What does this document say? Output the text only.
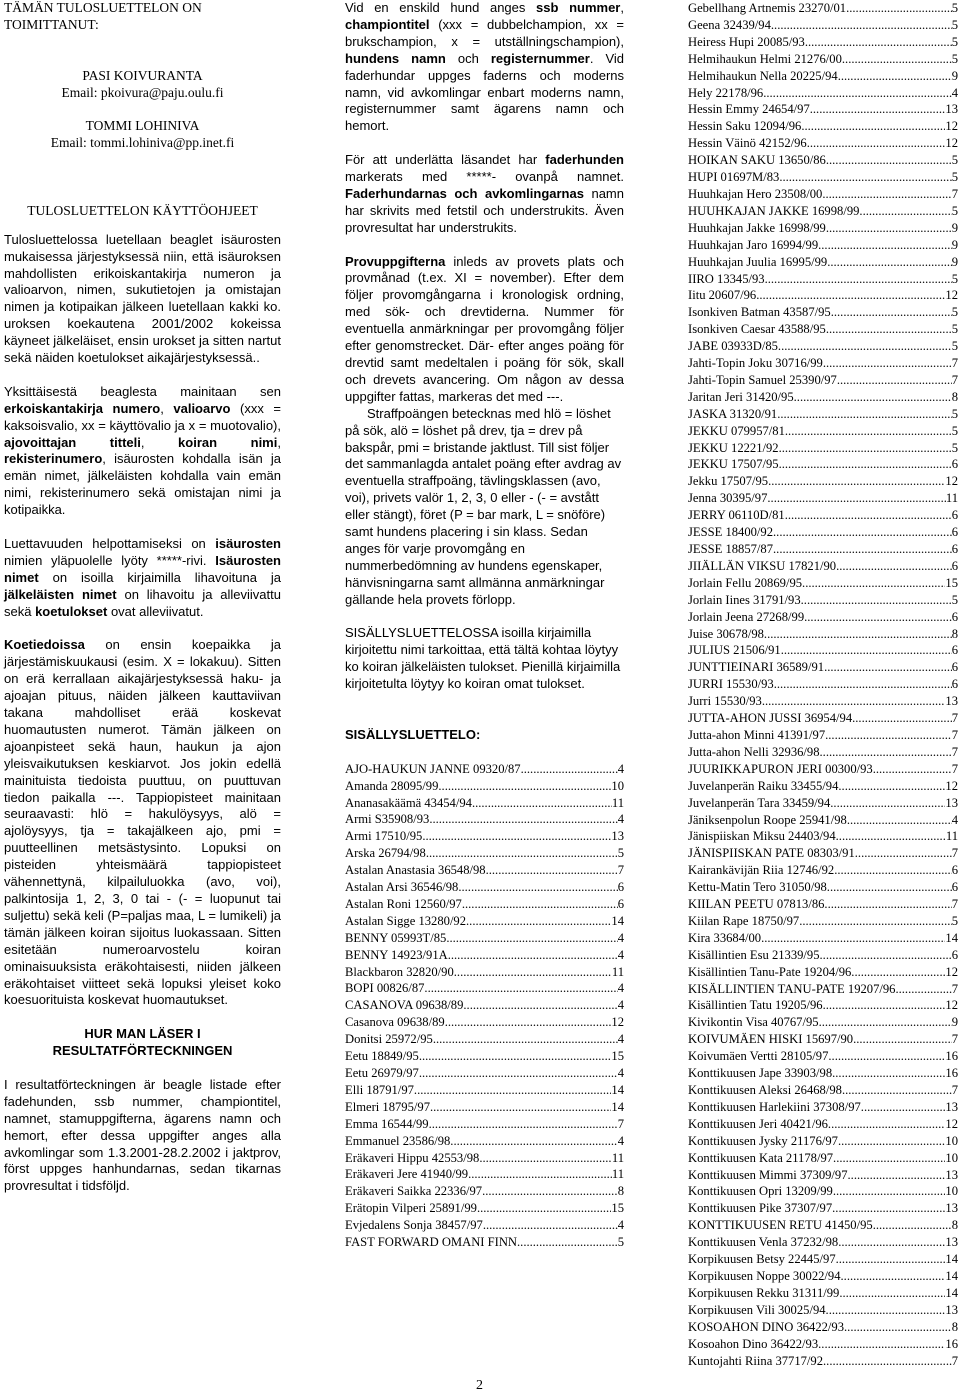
TÄMÄN TULOSLUETTELON ON TOIMITTANUT:

PASI KOIVURANTA

Email: pkoivura@paju.oulu.fi

TOMMI LOHINIVA

Email: tommi.lohiniva@pp.inet.fi

TULOSLUETTELON KÄYTTÖOHJEET

Tulosluettelossa luetellaan beaglet isäurosten mukaisessa järjestyksessä niin, että isäuroksen mahdollisten erikoiskantakirja numeron ja valioarvon, nimen, sukutietojen ja omistajan nimen ja kotipaikan jälkeen luetellaan kakki ko. uroksen koekautena 2001/2002 kokeissa käyneet jälkeläiset, ensin urokset ja sitten nartut sekä näiden koetulokset aikajärjestyksessä..

Yksittäisestä beaglesta mainitaan sen erkoiskantakirja numero, valioarvo (xxx = kaksoisvalio, xx = käyttövalio ja x = muotovalio), ajovoittajan titteli, koiran nimi, rekisterinumero, isäurosten kohdalla isän ja emän nimet, jälkeläisten kohdalla vain emän nimi, rekisterinumero sekä omistajan nimi ja kotipaikka.

Luettavuuden helpottamiseksi on isäurosten nimien yläpuolelle lyöty *****-rivi. Isäurosten nimet on isoilla kirjaimilla lihavoituna ja jälkeläisten nimet on lihavoitu ja alleviivattu sekä koetulokset ovat alleviivatut.

Koetiedoissa on ensin koepaikka ja järjestämiskuukausi (esim. X = lokakuu). Sitten on erä kerrallaan aikajärjestyksessä haku- ja ajoajan pituus, näiden jälkeen kauttaviivan takana mahdolliset erää koskevat huomautusten numerot. Tämän jälkeen on ajoanpisteet sekä haun, haukun ja ajon yleisvaikutuksen keskiarvot. Jos jokin edellä mainituista tiedoista puuttuu, on puuttuvan tiedon paikalla ---. Tappiopisteet mainitaan seuraavasti: hlö = hakulöysyys, alö = ajolöysyys, tja = takajälkeen ajo, pmi = puutteellinen metsästysinto. Lopuksi on pisteiden yhteismäärä tappiopisteet vähennettynä, kilpailuluokka (avo, voi), palkintosija 1, 2, 3, 0 tai - (- = luopunut tai suljettu) sekä keli (P=paljas maa, L = lumikeli) ja tämän jälkeen koiran sijoitus luokassaan. Sitten esitetään numeroarvostelu koiran ominaisuuksista eräkohtaisesti, niiden jälkeen eräkohtaiset viitteet sekä lopuksi yleiset koko koesuorituista koskevat huomautukset.

HUR MAN LÄSER I

RESULTATFÖRTECKNINGEN

I resultatförteckningen är beagle listade efter fadehunden, ssb nummer, championtitel, namnet, stamuppgifterna, ägarens namn och hemort, efter dessa uppgifter anges alla avkomlingar som 1.3.2001-28.2.2002 i jaktprov, först uppges hanhundarnas, sedan tikarnas provresultat i tidsföljd.

Vid en enskild hund anges ssb nummer, championtitel (xxx = dubbelchampion, xx = brukschampion, x = utställningschampion), hundens namn och registernummer. Vid faderhundar uppges faderns och moderns namn, vid avkomlingar enbart moderns namn, registernummer samt ägarens namn och hemort.

För att underlätta läsandet har faderhunden markerats med *****- ovanpå namnet. Faderhundarnas och avkomlingarnas namn har skrivits med fetstil och understrukits. Även provresultat har understrukits.

Provuppgifterna inleds av provets plats och provmånad (t.ex. XI = november). Efter dem följer provomgångarna i kronologisk ordning, med sök- och drevtiderna. Nummer för eventuella anmärkningar per provomgång följer efter genomstrecket. Där- efter anges poäng för drevtid samt medeltalen i poäng för sök, skall och drevets avancering. Om någon av dessa uppgifter fattas, markeras det med ---.

Straffpoängen betecknas med hlö = löshet på sök, alö = löshet på drev, tja = drev på bakspår, pmi = bristande jaktlust. Till sist följer det sammanlagda antalet poäng efter avdrag av eventuella straffpoäng, tävlingsklassen (avo, voi), privets valör 1, 2, 3, 0 eller - (- = avstått eller stängt), föret (P = bar mark, L = snöföre) samt hundens placering i sin klass. Sedan anges för varje provomgång en nummerbedömning av hundens egenskaper, hänvisningarna samt allmänna anmärkningar gällande hela provets förlopp.

SISÄLLYSLUETTELOSSA isoilla kirjaimilla kirjoitettu nimi tarkoittaa, että tältä kohtaa löytyy ko koiran jälkeläisten tulokset. Pienillä kirjaimilla kirjoitetulta löytyy ko koiran omat tulokset.

SISÄLLYSLUETTELO:

AJO-HAUKUN JANNE 09320/87 .....	4
Amanda 28095/99 .....	10
Ananasakäämä 43454/94 .....	11
Armi S35908/93 .....	4
Armi 17510/95 .....	13
Arska 26794/98 .....	5
Astalan Anastasia 36548/98 .....	7
Astalan Arsi 36546/98 .....	6
Astalan Roni 12560/97 .....	6
Astalan Sigge 13280/92 .....	14
BENNY 05993T/85 .....	4
BENNY 14923/91A .....	4
Blackbaron 32820/90 .....	11
BOPI 00826/87 .....	4
CASANOVA 09638/89 .....	4
Casanova 09638/89 .....	12
Donitsi 25972/95 .....	4
Eetu 18849/95 .....	15
Eetu 26979/97 .....	4
Elli 18791/97 .....	14
Elmeri 18795/97 .....	14
Emma 16544/99 .....	7
Emmanuel 23586/98 .....	4
Eräkaveri Hippu 42553/98 .....	11
Eräkaveri Jere 41940/99 .....	11
Eräkaveri Saikka 22336/97 .....	8
Erätopin Vilperi 25891/99 .....	15
Evjedalens Sonja 38457/97 .....	4
FAST FORWARD OMANI FINN .....	5
Gebellhang Artnemis 23270/01 .....	5
Geena 32439/94 .....	5
Heiress Hupi 20085/93 .....	5
Helmihaukun Helmi 21276/00 .....	5
Helmihaukun Nella 20225/94 .....	9
Hely 22178/96 .....	4
Hessin Emmy 24654/97 .....	13
Hessin Saku 12094/96 .....	12
Hessin Väinö 42152/96 .....	12
HOIKAN SAKU 13650/86 .....	5
HUPI 01697M/83 .....	5
Huuhkajan Hero 23508/00 .....	7
HUUHKAJAN JAKKE 16998/99 .....	5
Huuhkajan Jakke 16998/99 .....	9
Huuhkajan Jaro 16994/99 .....	9
Huuhkajan Juulia 16995/99 .....	9
IIRO 13345/93 .....	5
Iitu 20607/96 .....	12
Isonkiven Batman 43587/95 .....	5
Isonkiven Caesar 43588/95 .....	5
JABE 03933D/85 .....	5
Jahti-Topin Joku 30716/99 .....	7
Jahti-Topin Samuel 25390/97 .....	7
Jaritan Jeri 31420/95 .....	8
JASKA 31320/91 .....	5
JEKKU 079957/81 .....	5
JEKKU 12221/92 .....	5
JEKKU 17507/95 .....	6
Jekku 17507/95 .....	12
Jenna 30395/97 .....	11
JERRY 06110D/81 .....	6
JESSE 18400/92 .....	6
JESSE 18857/87 .....	6
JIIÄLLÄN VIKSU 17821/90 .....	6
Jorlain Fellu 20869/95 .....	15
Jorlain Iines 31791/93 .....	5
Jorlain Jeena 27268/99 .....	6
Juise 30678/98 .....	8
JULIUS 21506/91 .....	6
JUNTTIEINARI 36589/91 .....	6
JURRI 15530/93 .....	6
Jurri 15530/93 .....	13
JUTTA-AHON JUSSI 36954/94 .....	7
Jutta-ahon Minni 41391/97 .....	7
Jutta-ahon Nelli 32936/98 .....	7
JUURIKKAPURON JERI 00300/93 .....	7
Juvelanperän Raiku 33455/94 .....	12
Juvelanperän Tara 33459/94 .....	13
Jäniksenpolun Roope 25941/98 .....	4
Jänispiiskan Miksu 24403/94 .....	11
JÄNISPIISKAN PATE 08303/91 .....	7
Kairankävijän Riia 12746/92 .....	6
Kettu-Matin Tero 31050/98 .....	6
KIILAN PEETU 07813/86 .....	7
Kiilan Rape 18750/97 .....	5
Kira 33684/00 .....	14
Kisällintien Esu 21339/95 .....	6
Kisällintien Tanu-Pate 19204/96 .....	12
KISÄLLINTIEN TANU-PATE 19207/96 .....	7
Kisällintien Tatu 19205/96 .....	12
Kivikontin Visa 40767/95 .....	9
KOIVUMÄEN HISKI 15697/90 .....	7
Koivumäen Vertti 28105/97 .....	16
Konttikuusen Jape 33903/98 .....	16
Konttikuusen Aleksi 26468/98 .....	7
Konttikuusen Harlekiini 37308/97 .....	13
Konttikuusen Jeri 40421/96 .....	12
Konttikuusen Jysky 21176/97 .....	10
Konttikuusen Kata 21178/97 .....	10
Konttikuusen Mimmi 37309/97 .....	13
Konttikuusen Opri 13209/99 .....	10
Konttikuusen Pike 37307/97 .....	13
KONTTIKUUSEN RETU 41450/95 .....	8
Konttikuusen Venla 37232/98 .....	13
Korpikuusen Betsy 22445/97 .....	14
Korpikuusen Noppe 30022/94 .....	14
Korpikuusen Rekku 31311/99 .....	14
Korpikuusen Vili 30025/94 .....	13
KOSOAHON DINO 36422/93 .....	8
Kosoahon Dino 36422/93 .....	16
Kuntojahti Riina 37717/92 .....	7
2
